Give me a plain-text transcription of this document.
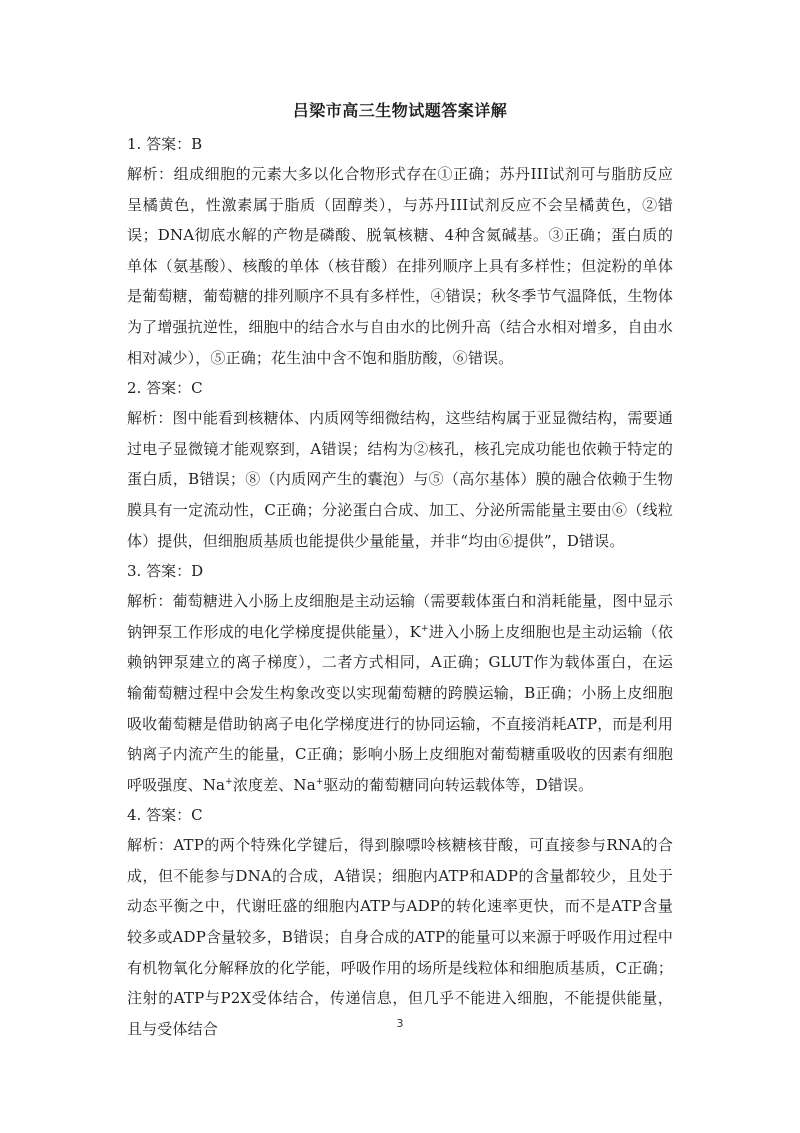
吕梁市高三生物试题答案详解

1. 答案：B

解析：组成细胞的元素大多以化合物形式存在①正确；苏丹III试剂可与脂肪反应呈橘黄色，性激素属于脂质（固醇类），与苏丹III试剂反应不会呈橘黄色，②错误；DNA彻底水解的产物是磷酸、脱氧核糖、4种含氮碱基。③正确；蛋白质的单体（氨基酸）、核酸的单体（核苷酸）在排列顺序上具有多样性；但淀粉的单体是葡萄糖，葡萄糖的排列顺序不具有多样性，④错误；秋冬季节气温降低，生物体为了增强抗逆性，细胞中的结合水与自由水的比例升高（结合水相对增多，自由水相对减少），⑤正确；花生油中含不饱和脂肪酸，⑥错误。

2. 答案：C

解析：图中能看到核糖体、内质网等细微结构，这些结构属于亚显微结构，需要通过电子显微镜才能观察到，A错误；结构为②核孔，核孔完成功能也依赖于特定的蛋白质，B错误；⑧（内质网产生的囊泡）与⑤（高尔基体）膜的融合依赖于生物膜具有一定流动性，C正确；分泌蛋白合成、加工、分泌所需能量主要由⑥（线粒体）提供，但细胞质基质也能提供少量能量，并非“均由⑥提供”，D错误。

3. 答案：D

解析：葡萄糖进入小肠上皮细胞是主动运输（需要载体蛋白和消耗能量，图中显示钠钾泵工作形成的电化学梯度提供能量），K+进入小肠上皮细胞也是主动运输（依赖钠钾泵建立的离子梯度），二者方式相同，A正确；GLUT作为载体蛋白，在运输葡萄糖过程中会发生构象改变以实现葡萄糖的跨膜运输，B正确；小肠上皮细胞吸收葡萄糖是借助钠离子电化学梯度进行的协同运输，不直接消耗ATP，而是利用钠离子内流产生的能量，C正确；影响小肠上皮细胞对葡萄糖重吸收的因素有细胞呼吸强度、Na+浓度差、Na+驱动的葡萄糖同向转运载体等，D错误。

4. 答案：C

解析：ATP的两个特殊化学键后，得到腺嘌呤核糖核苷酸，可直接参与RNA的合成，但不能参与DNA的合成，A错误；细胞内ATP和ADP的含量都较少，且处于动态平衡之中，代谢旺盛的细胞内ATP与ADP的转化速率更快，而不是ATP含量较多或ADP含量较多，B错误；自身合成的ATP的能量可以来源于呼吸作用过程中有机物氧化分解释放的化学能，呼吸作用的场所是线粒体和细胞质基质，C正确；注射的ATP与P2X受体结合，传递信息，但几乎不能进入细胞，不能提供能量，且与受体结合	3
